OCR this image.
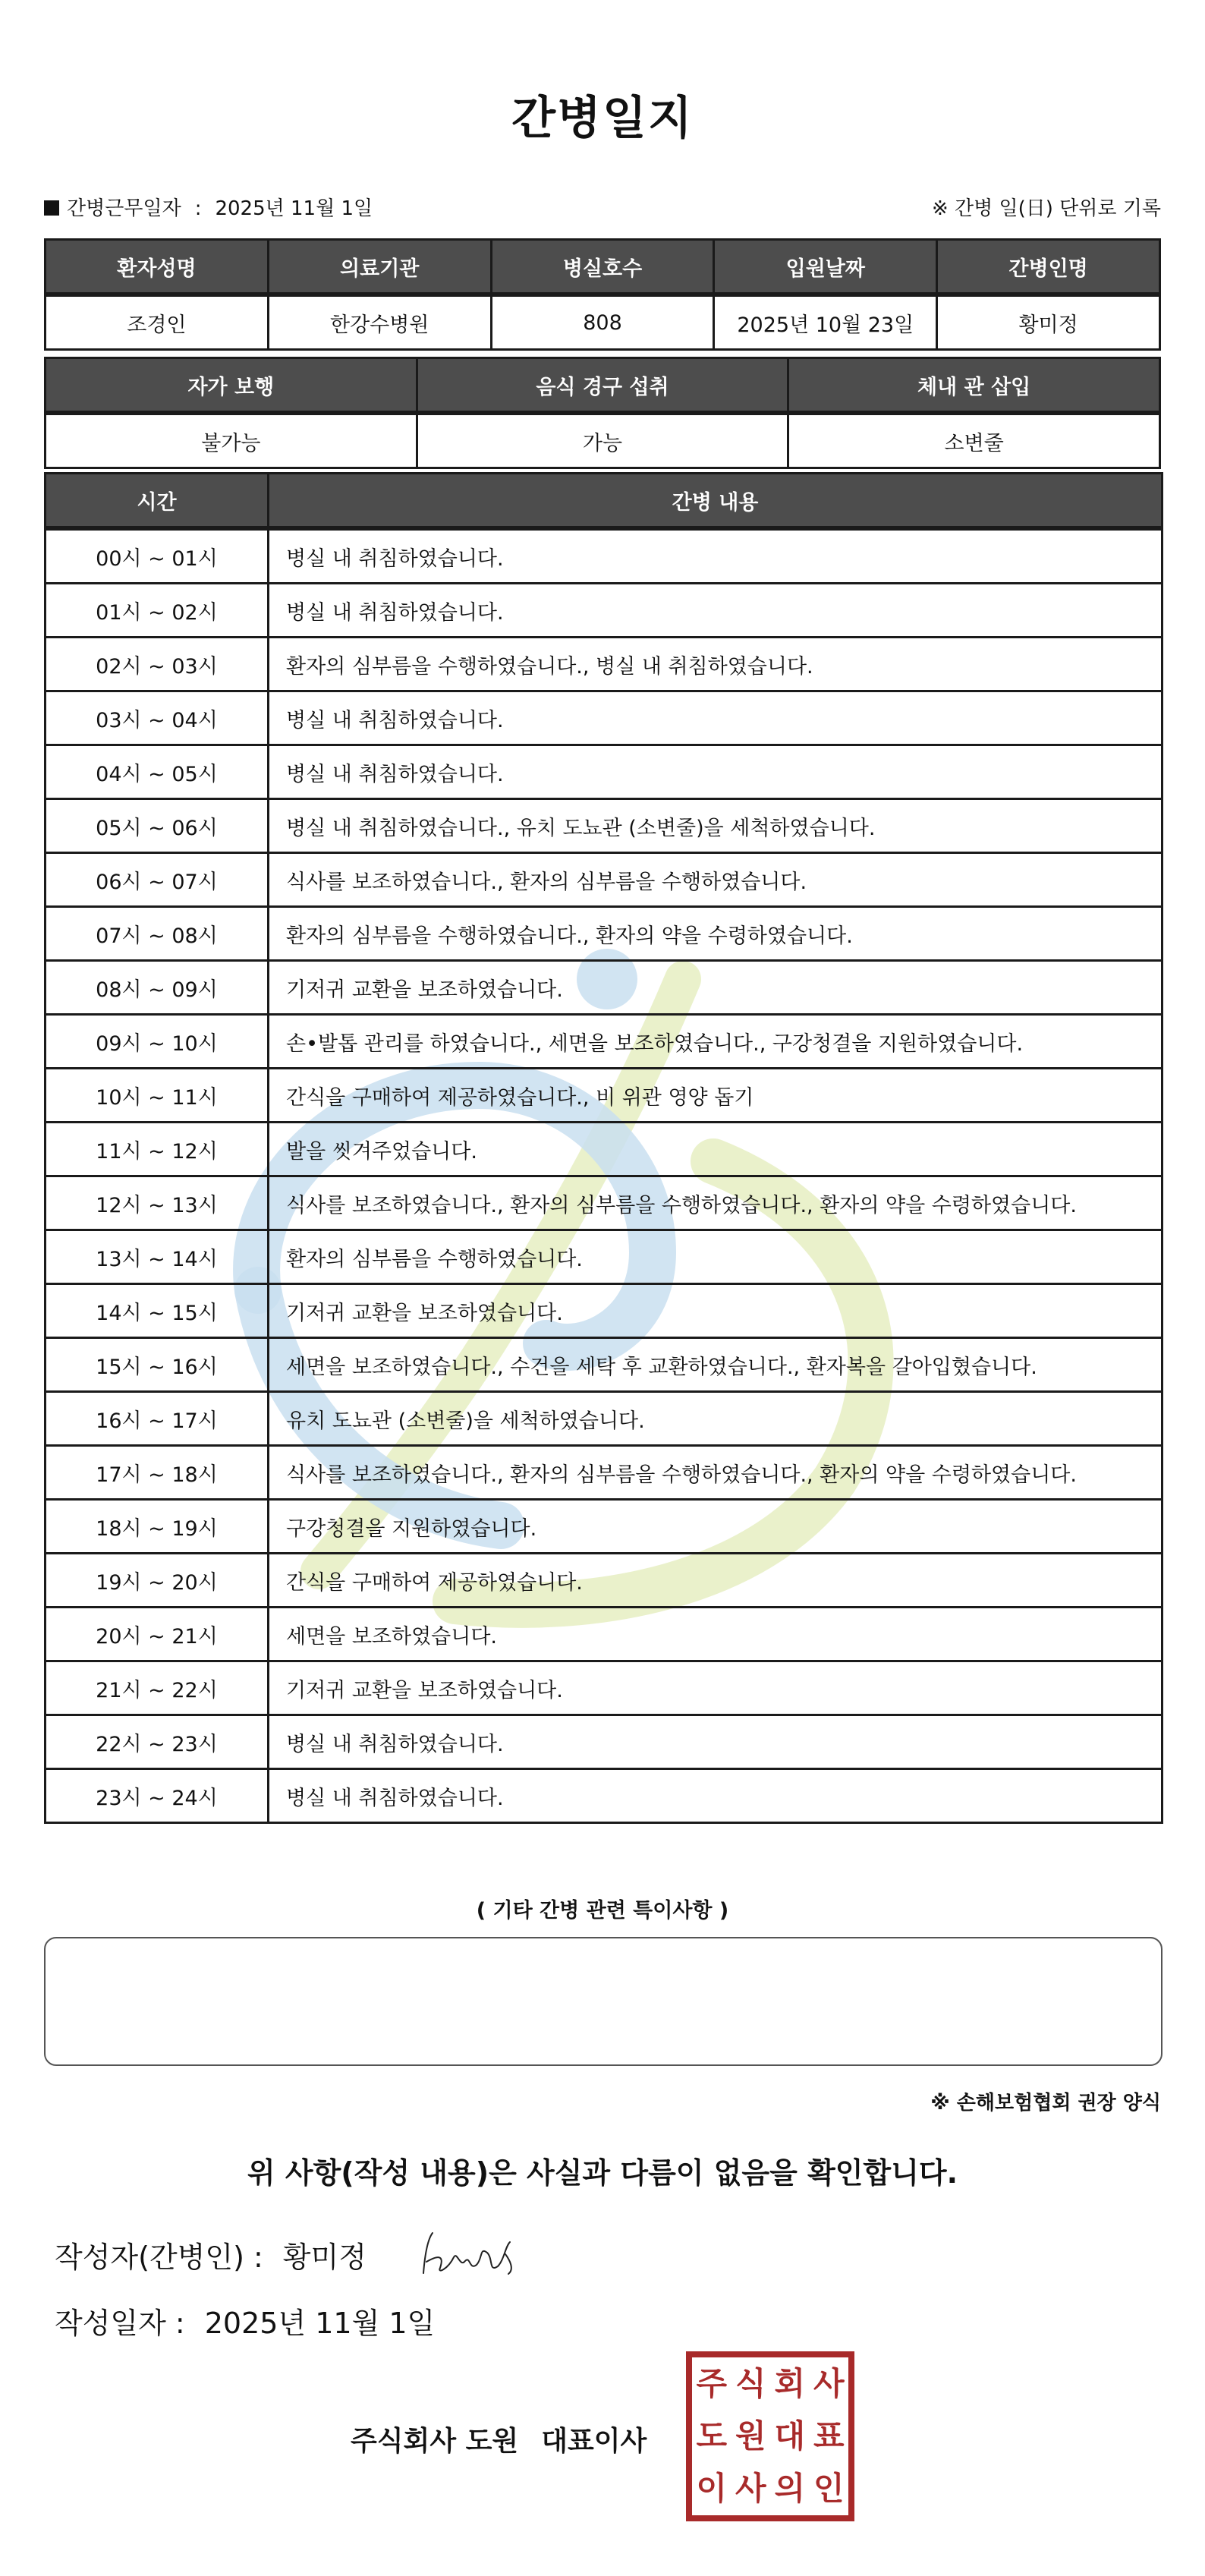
간병일지
간병근무일자 : 2025년 11월 1일	※ 간병 일(日) 단위로 기록
환자성명	의료기관	병실호수	입원날짜	간병인명
조경인	한강수병원	808	2025년 10월 23일	황미정
자가 보행	음식 경구 섭취	체내 관 삽입
불가능	가능	소변줄
시간	간병 내용
00시 ~ 01시	병실 내 취침하였습니다.
01시 ~ 02시	병실 내 취침하였습니다.
02시 ~ 03시	환자의 심부름을 수행하였습니다., 병실 내 취침하였습니다.
03시 ~ 04시	병실 내 취침하였습니다.
04시 ~ 05시	병실 내 취침하였습니다.
05시 ~ 06시	병실 내 취침하였습니다., 유치 도뇨관 (소변줄)을 세척하였습니다.
06시 ~ 07시	식사를 보조하였습니다., 환자의 심부름을 수행하였습니다.
07시 ~ 08시	환자의 심부름을 수행하였습니다., 환자의 약을 수령하였습니다.
08시 ~ 09시	기저귀 교환을 보조하였습니다.
09시 ~ 10시	손•발톱 관리를 하였습니다., 세면을 보조하였습니다., 구강청결을 지원하였습니다.
10시 ~ 11시	간식을 구매하여 제공하였습니다., 비 위관 영양 돕기
11시 ~ 12시	발을 씻겨주었습니다.
12시 ~ 13시	식사를 보조하였습니다., 환자의 심부름을 수행하였습니다., 환자의 약을 수령하였습니다.
13시 ~ 14시	환자의 심부름을 수행하였습니다.
14시 ~ 15시	기저귀 교환을 보조하였습니다.
15시 ~ 16시	세면을 보조하였습니다., 수건을 세탁 후 교환하였습니다., 환자복을 갈아입혔습니다.
16시 ~ 17시	유치 도뇨관 (소변줄)을 세척하였습니다.
17시 ~ 18시	식사를 보조하였습니다., 환자의 심부름을 수행하였습니다., 환자의 약을 수령하였습니다.
18시 ~ 19시	구강청결을 지원하였습니다.
19시 ~ 20시	간식을 구매하여 제공하였습니다.
20시 ~ 21시	세면을 보조하였습니다.
21시 ~ 22시	기저귀 교환을 보조하였습니다.
22시 ~ 23시	병실 내 취침하였습니다.
23시 ~ 24시	병실 내 취침하였습니다.
( 기타 간병 관련 특이사항 )
※ 손해보험협회 권장 양식
위 사항(작성 내용)은 사실과 다름이 없음을 확인합니다.
작성자(간병인) : 황미정
작성일자 : 2025년 11월 1일
주식회사 도원 대표이사
주 식 회 사
도 원 대 표
이 사 의 인
